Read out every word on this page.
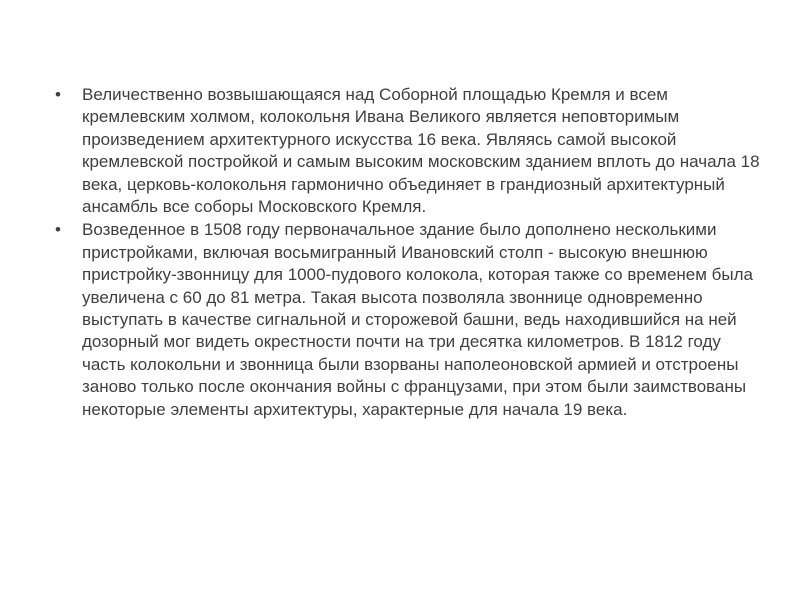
• Величественно возвышающаяся над Соборной площадью Кремля и всем кремлевским холмом, колокольня Ивана Великого является неповторимым произведением архитектурного искусства 16 века. Являясь самой высокой кремлевской постройкой и самым высоким московским зданием вплоть до начала 18 века, церковь-колокольня гармонично объединяет в грандиозный архитектурный ансамбль все соборы Московского Кремля.
• Возведенное в 1508 году первоначальное здание было дополнено несколькими пристройками, включая восьмигранный Ивановский столп - высокую внешнюю пристройку-звонницу для 1000-пудового колокола, которая также со временем была увеличена с 60 до 81 метра. Такая высота позволяла звоннице одновременно выступать в качестве сигнальной и сторожевой башни, ведь находившийся на ней дозорный мог видеть окрестности почти на три десятка километров. В 1812 году часть колокольни и звонница были взорваны наполеоновской армией и отстроены заново только после окончания войны с французами, при этом были заимствованы некоторые элементы архитектуры, характерные для начала 19 века.
